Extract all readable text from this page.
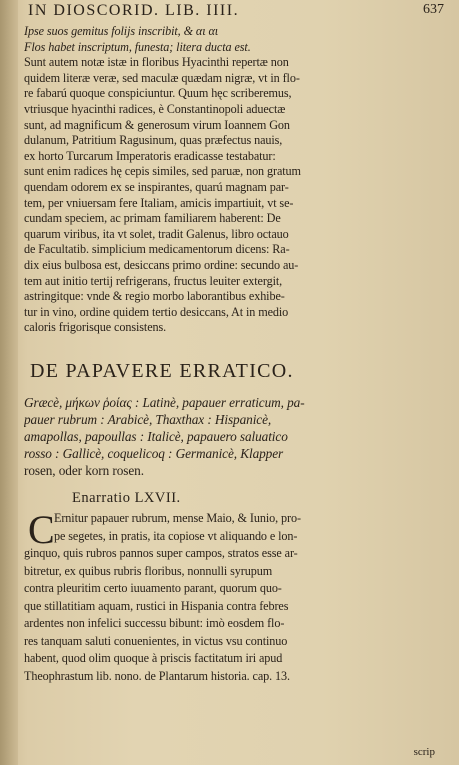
IN DIOSCORID. LIB. IIII.	637
Ipse suos gemitus folijs inscribit, & αι αι
Flos habet inscriptum, funesta; litera ducta est.
Sunt autem notæ istæ in floribus Hyacinthi repertæ non
quidem literæ veræ, sed maculæ quædam nigræ, vt in flo-
re fabarú quoque conspiciuntur. Quum hęc scriberemus,
vtriusque hyacinthi radices, è Constantinopoli aduectæ
sunt, ad magnificum & generosum virum Ioannem Gon
dulanum, Patritium Ragusinum, quas præfectus nauis,
ex horto Turcarum Imperatoris eradicasse testabatur:
sunt enim radices hę cepis similes, sed paruæ, non gratum
quendam odorem ex se inspirantes, quarú magnam par-
tem, per vniuersam fere Italiam, amicis impartiuit, vt se-
cundam speciem, ac primam familiarem haberent: De
quarum viribus, ita vt solet, tradit Galenus, libro octauo
de Facultatib. simplicium medicamentorum dicens: Ra-
dix eius bulbosa est, desiccans primo ordine: secundo au-
tem aut initio tertij refrigerans, fructus leuiter extergit,
astringitque: vnde & regio morbo laborantibus exhibe-
tur in vino, ordine quidem tertio desiccans, At in medio
caloris frigorisque consistens.
DE PAPAVERE ERRATICO.
Græcè, μήκων ῥοίας : Latinè, papauer erraticum, pa-
pauer rubrum : Arabicè, Thaxthax : Hispanicè,
amapollas, papoullas : Italicè, papauero saluatico
rosso : Gallicè, coquelicoq : Germanicè, Klapper
rosen, oder korn rosen.
Enarratio LXVII.
C Ernitur papauer rubrum, mense Maio, & Iunio, pro-
pe segetes, in pratis, ita copiose vt aliquando e lon-
ginquo, quis rubros pannos super campos, stratos esse ar-
bitretur, ex quibus rubris floribus, nonnulli syrupum
contra pleuritim certo iuuamento parant, quorum quo-
que stillatitiam aquam, rustici in Hispania contra febres
ardentes non infelici successu bibunt: imò eosdem flo-
res tanquam saluti conuenientes, in victus vsu continuo
habent, quod olim quoque à priscis factitatum iri apud
Theophrastum lib. nono. de Plantarum historia. cap. 13.
scrip
